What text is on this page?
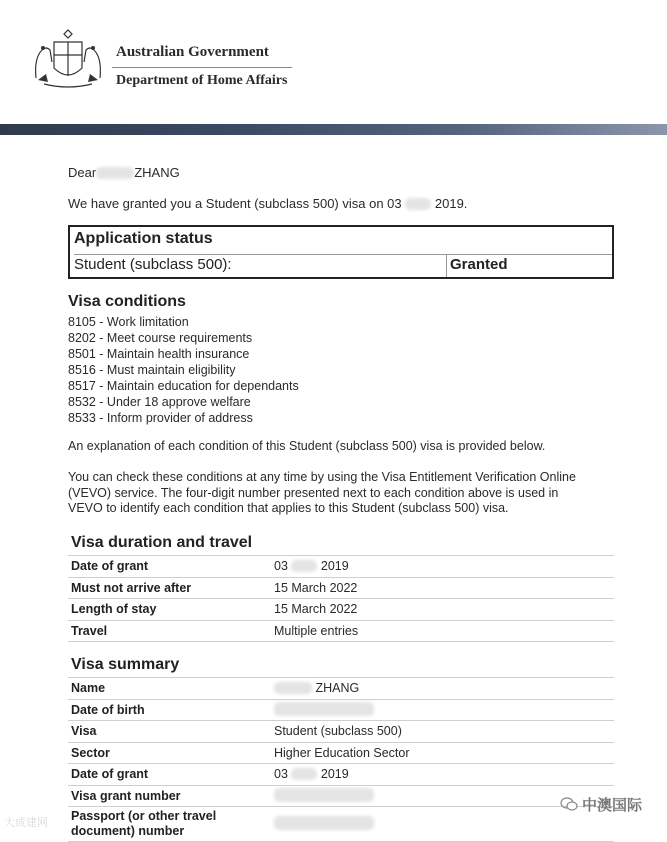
Australian Government
Department of Home Affairs
Dear	ZHANG
We have granted you a Student (subclass 500) visa on 03	2019.
Application status
Student (subclass 500):	Granted
Visa conditions
8105 - Work limitation
8202 - Meet course requirements
8501 - Maintain health insurance
8516 - Must maintain eligibility
8517 - Maintain education for dependants
8532 - Under 18 approve welfare
8533 - Inform provider of address
An explanation of each condition of this Student (subclass 500) visa is provided below.
You can check these conditions at any time by using the Visa Entitlement Verification Online
(VEVO) service. The four-digit number presented next to each condition above is used in
VEVO to identify each condition that applies to this Student (subclass 500) visa.
Visa duration and travel
Date of grant	03 2019
Must not arrive after	15 March 2022
Length of stay	15 March 2022
Travel	Multiple entries
Visa summary
Name	ZHANG
Date of birth	
Visa	Student (subclass 500)
Sector	Higher Education Sector
Date of grant	03 2019
Visa grant number	

Passport (or other travel
document) number	

大成建网
中澳国际
